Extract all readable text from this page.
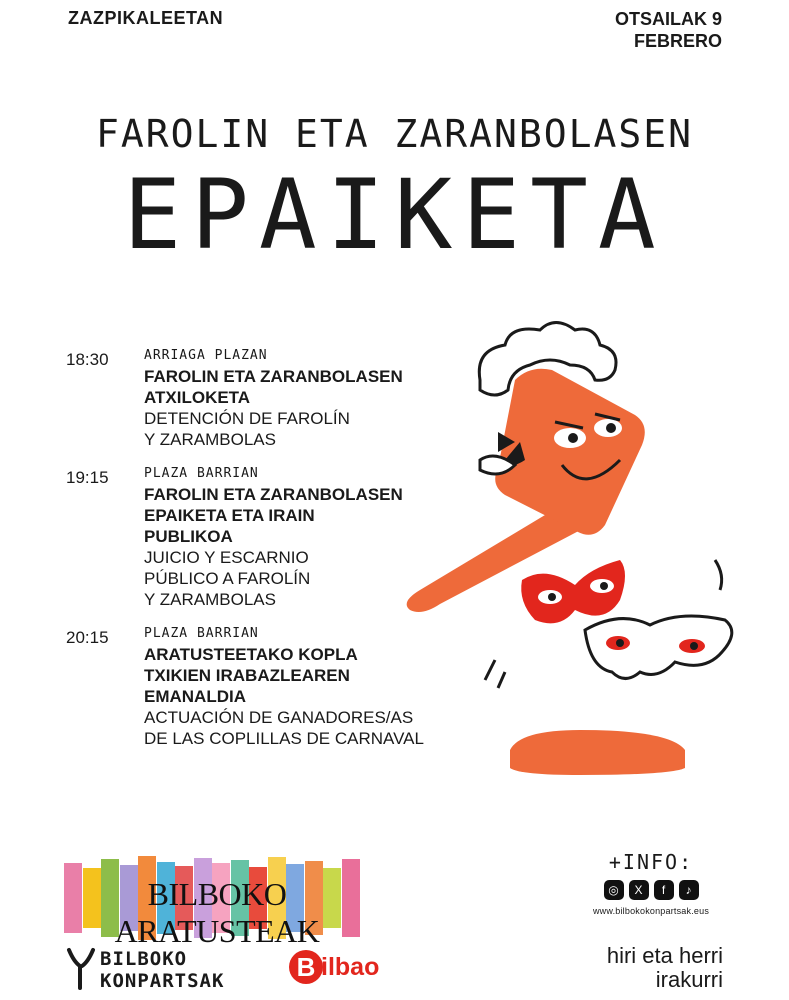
ZAZPIKALEETAN	OTSAILAK 9
FEBRERO
FAROLIN ETA ZARANBOLASEN
EPAIKETA
18:30	ARRIAGA PLAZAN
FAROLIN ETA ZARANBOLASEN
ATXILOKETA
DETENCIÓN DE FAROLÍN
Y ZARAMBOLAS
19:15	PLAZA BARRIAN
FAROLIN ETA ZARANBOLASEN
EPAIKETA ETA IRAIN
PUBLIKOA
JUICIO Y ESCARNIO
PÚBLICO A FAROLÍN
Y ZARAMBOLAS
20:15	PLAZA BARRIAN
ARATUSTEETAKO KOPLA
TXIKIEN IRABAZLEAREN
EMANALDIA
ACTUACIÓN DE GANADORES/AS
DE LAS COPLILLAS DE CARNAVAL
BILBOKO ARATUSTEAK
BILBOKO
KONPARTSAK	B ilbao
+INFO:
◎	X	f	♪
www.bilbokokonpartsak.eus
hiri eta herri
irakurri
